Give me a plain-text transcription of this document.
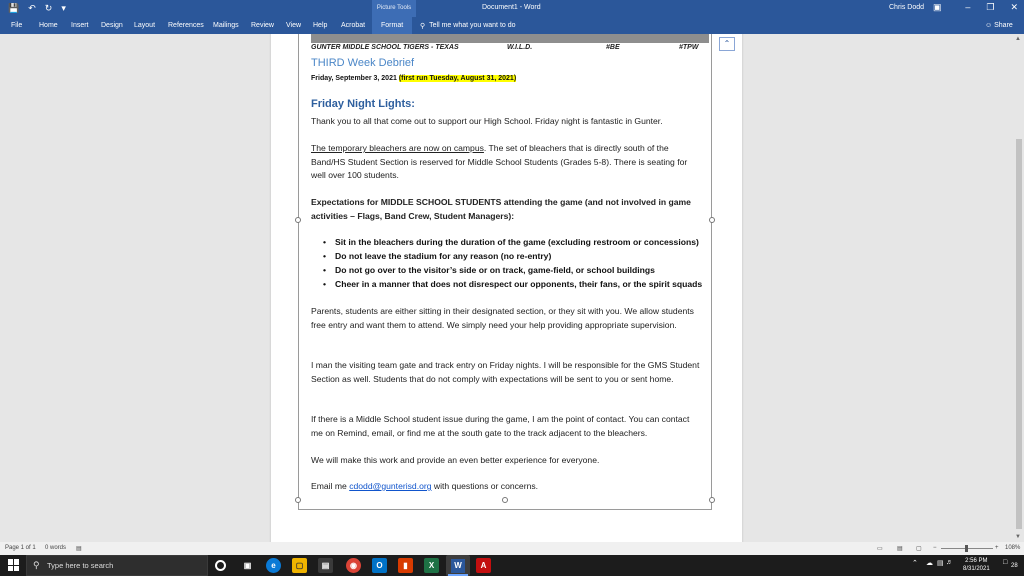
💾 ↶ ↻ ▾	Picture Tools	Document1 - Word	Chris Dodd ▣	– ❐ ✕
File Home Insert Design Layout References Mailings Review View Help Acrobat	Format	⚲ Tell me what you want to do	☺ Share
GUNTER MIDDLE SCHOOL TIGERS - TEXAS	W.I.L.D.	#BE	#TPW
THIRD Week Debrief
Friday, September 3, 2021 (first run Tuesday, August 31, 2021)
Friday Night Lights:
Thank you to all that come out to support our High School. Friday night is fantastic in Gunter.
The temporary bleachers are now on campus. The set of bleachers that is directly south of the Band/HS Student Section is reserved for Middle School Students (Grades 5-8). There is seating for well over 100 students.
Expectations for MIDDLE SCHOOL STUDENTS attending the game (and not involved in game activities – Flags, Band Crew, Student Managers):
• Sit in the bleachers during the duration of the game (excluding restroom or concessions)
• Do not leave the stadium for any reason (no re-entry)
• Do not go over to the visitor’s side or on track, game-field, or school buildings
• Cheer in a manner that does not disrespect our opponents, their fans, or the spirit squads
Parents, students are either sitting in their designated section, or they sit with you. We allow students free entry and want them to attend. We simply need your help providing appropriate supervision.
I man the visiting team gate and track entry on Friday nights. I will be responsible for the GMS Student Section as well. Students that do not comply with expectations will be sent to you or sent home.
If there is a Middle School student issue during the game, I am the point of contact. You can contact me on Remind, email, or find me at the south gate to the track adjacent to the bleachers.
We will make this work and provide an even better experience for everyone.
Email me cdodd@gunterisd.org with questions or concerns.
⌃	▲
▼
Page 1 of 1 0 words ▤	▭ ▤ ▢ −	+ 108%
⚲ Type here to search	▣	e	▢	▤	◉	O	▮	X	W	A	⌃ ☁ ▤ ♬	2:56 PM
8/31/2021
□ 28
